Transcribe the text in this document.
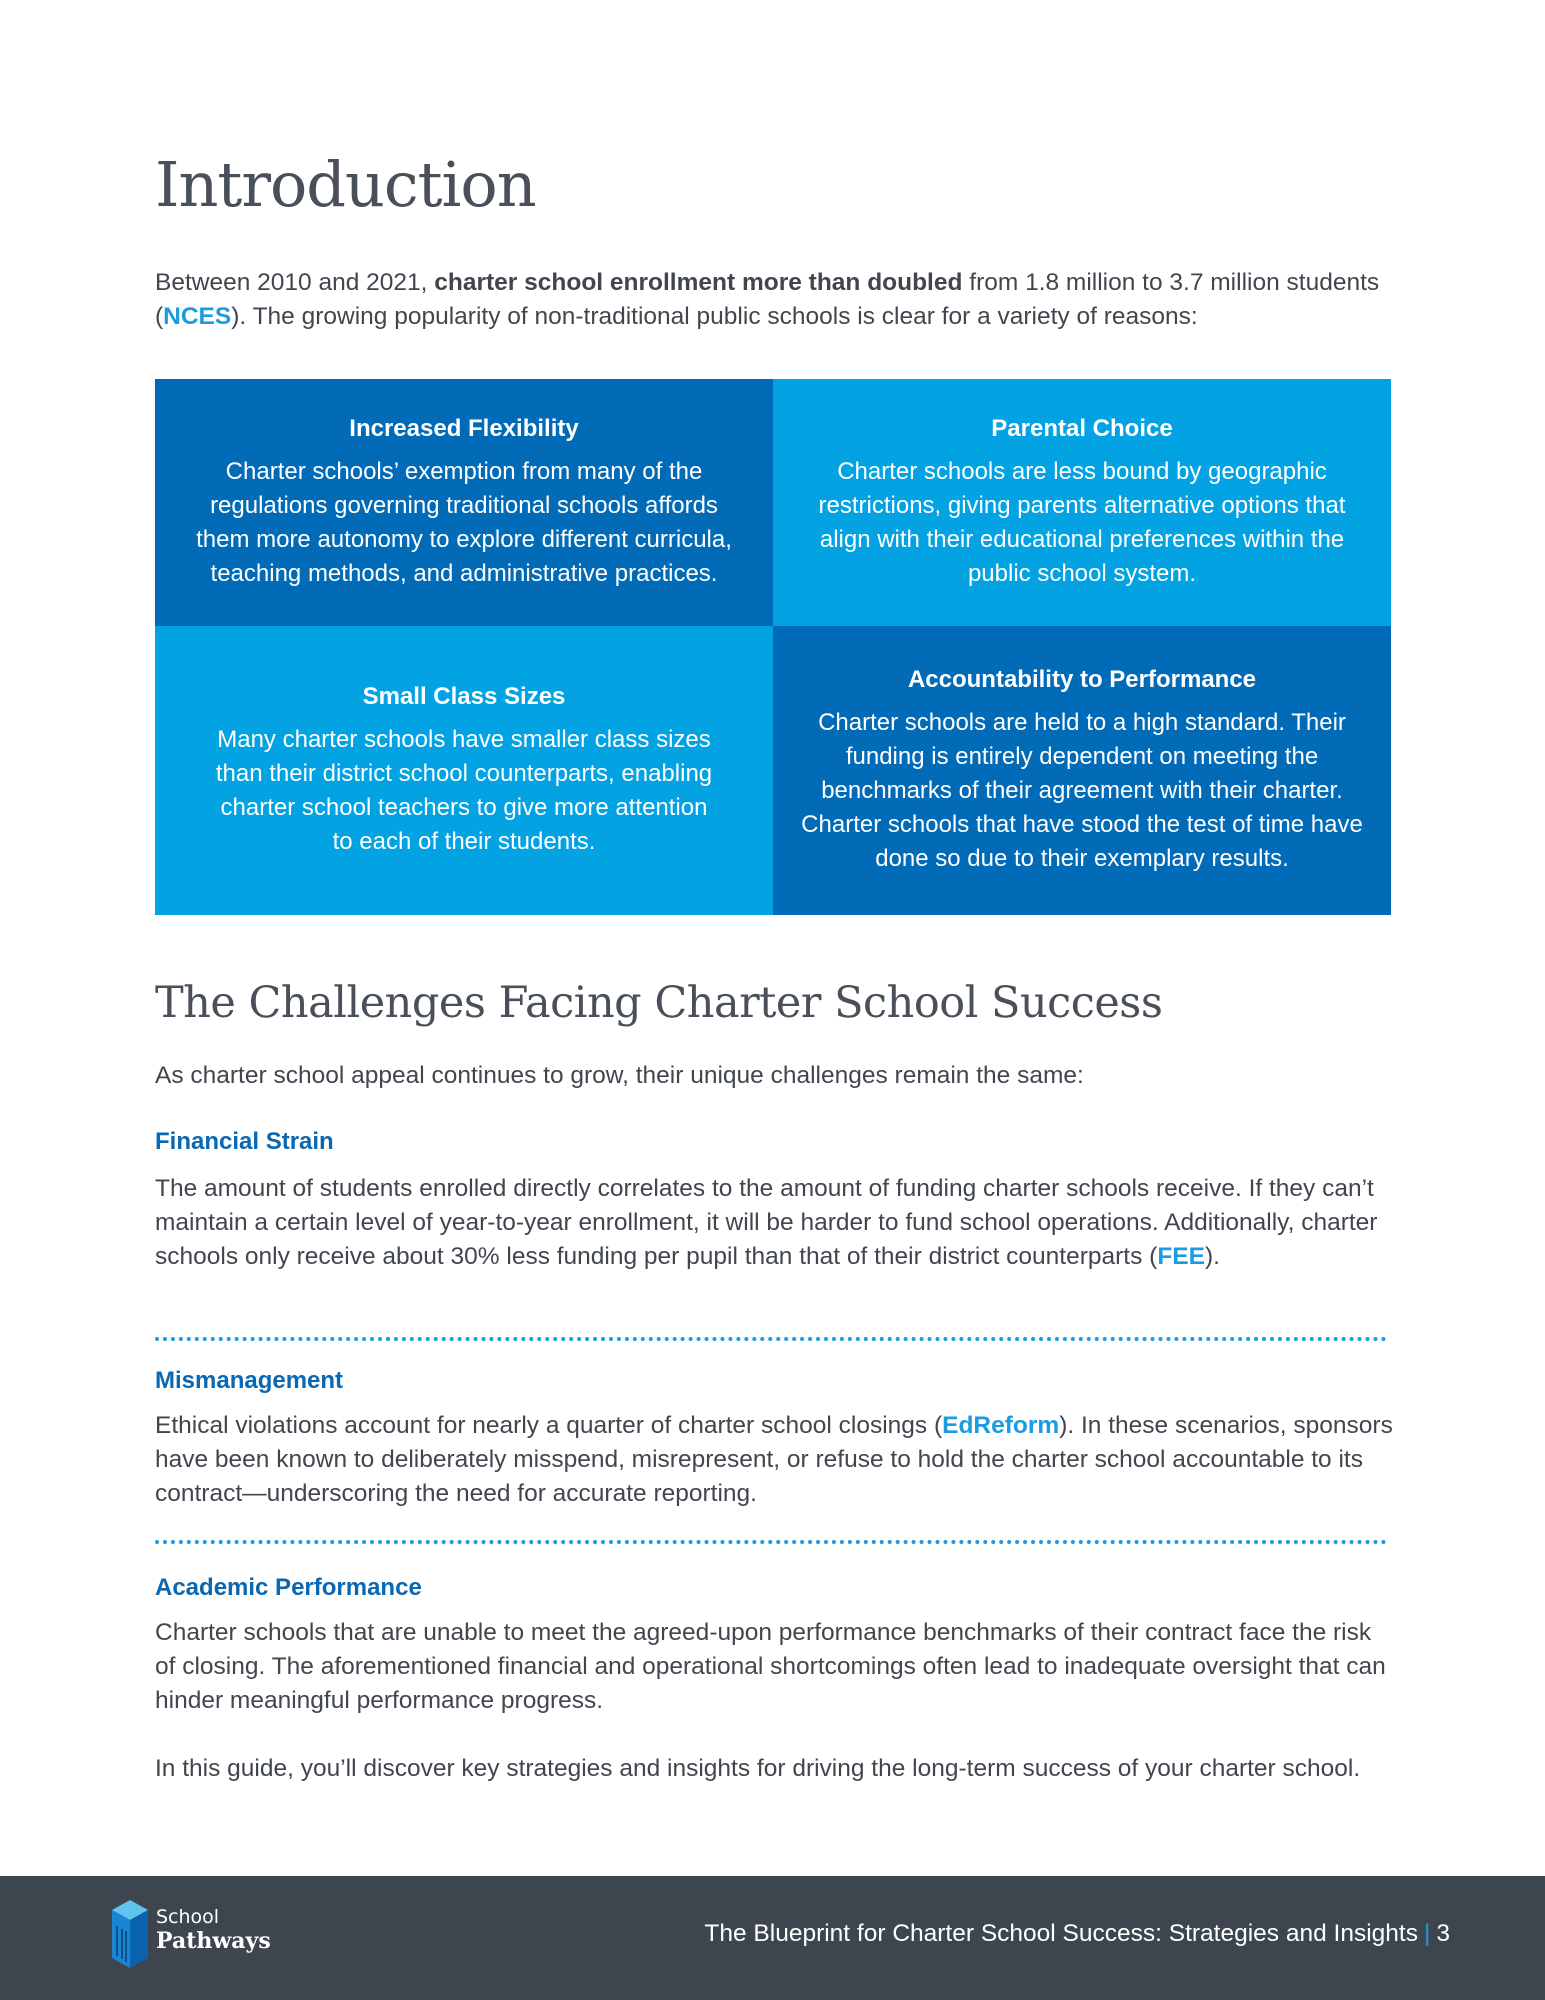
Introduction

Between 2010 and 2021, charter school enrollment more than doubled from 1.8 million to 3.7 million students (NCES). The growing popularity of non-traditional public schools is clear for a variety of reasons:

Increased Flexibility
Charter schools’ exemption from many of the regulations governing traditional schools affords them more autonomy to explore different curricula, teaching methods, and administrative practices.
Parental Choice
Charter schools are less bound by geographic restrictions, giving parents alternative options that align with their educational preferences within the public school system.
Small Class Sizes
Many charter schools have smaller class sizes than their district school counterparts, enabling charter school teachers to give more attention to each of their students.
Accountability to Performance
Charter schools are held to a high standard. Their funding is entirely dependent on meeting the benchmarks of their agreement with their charter. Charter schools that have stood the test of time have done so due to their exemplary results.
The Challenges Facing Charter School Success

As charter school appeal continues to grow, their unique challenges remain the same:

Financial Strain

The amount of students enrolled directly correlates to the amount of funding charter schools receive. If they can’t maintain a certain level of year-to-year enrollment, it will be harder to fund school operations. Additionally, charter schools only receive about 30% less funding per pupil than that of their district counterparts (FEE).

Mismanagement

Ethical violations account for nearly a quarter of charter school closings (EdReform). In these scenarios, sponsors have been known to deliberately misspend, misrepresent, or refuse to hold the charter school accountable to its contract—underscoring the need for accurate reporting.

Academic Performance

Charter schools that are unable to meet the agreed-upon performance benchmarks of their contract face the risk of closing. The aforementioned financial and operational shortcomings often lead to inadequate oversight that can hinder meaningful performance progress.

In this guide, you’ll discover key strategies and insights for driving the long-term success of your charter school.

School
Pathways	The Blueprint for Charter School Success: Strategies and Insights | 3
